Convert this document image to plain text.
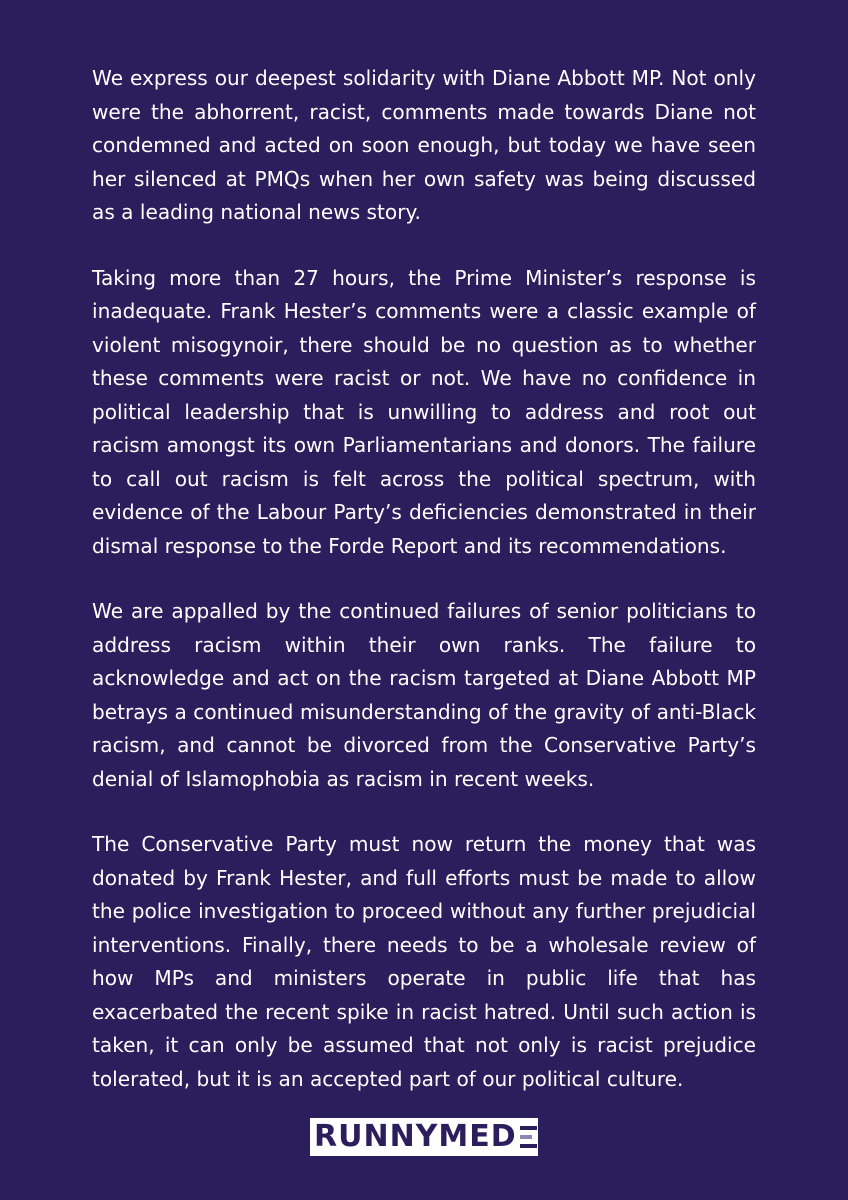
We express our deepest solidarity with Diane Abbott MP. Not only were the abhorrent, racist, comments made towards Diane not condemned and acted on soon enough, but today we have seen her silenced at PMQs when her own safety was being discussed as a leading national news story.

Taking more than 27 hours, the Prime Minister’s response is inadequate. Frank Hester’s comments were a classic example of violent misogynoir, there should be no question as to whether these comments were racist or not. We have no confidence in political leadership that is unwilling to address and root out racism amongst its own Parliamentarians and donors. The failure to call out racism is felt across the political spectrum, with evidence of the Labour Party’s deficiencies demonstrated in their dismal response to the Forde Report and its recommendations.

We are appalled by the continued failures of senior politicians to address racism within their own ranks. The failure to acknowledge and act on the racism targeted at Diane Abbott MP betrays a continued misunderstanding of the gravity of anti-Black racism, and cannot be divorced from the Conservative Party’s denial of Islamophobia as racism in recent weeks.

The Conservative Party must now return the money that was donated by Frank Hester, and full efforts must be made to allow the police investigation to proceed without any further prejudicial interventions. Finally, there needs to be a wholesale review of how MPs and ministers operate in public life that has exacerbated the recent spike in racist hatred. Until such action is taken, it can only be assumed that not only is racist prejudice tolerated, but it is an accepted part of our political culture.

RUNNYMED
